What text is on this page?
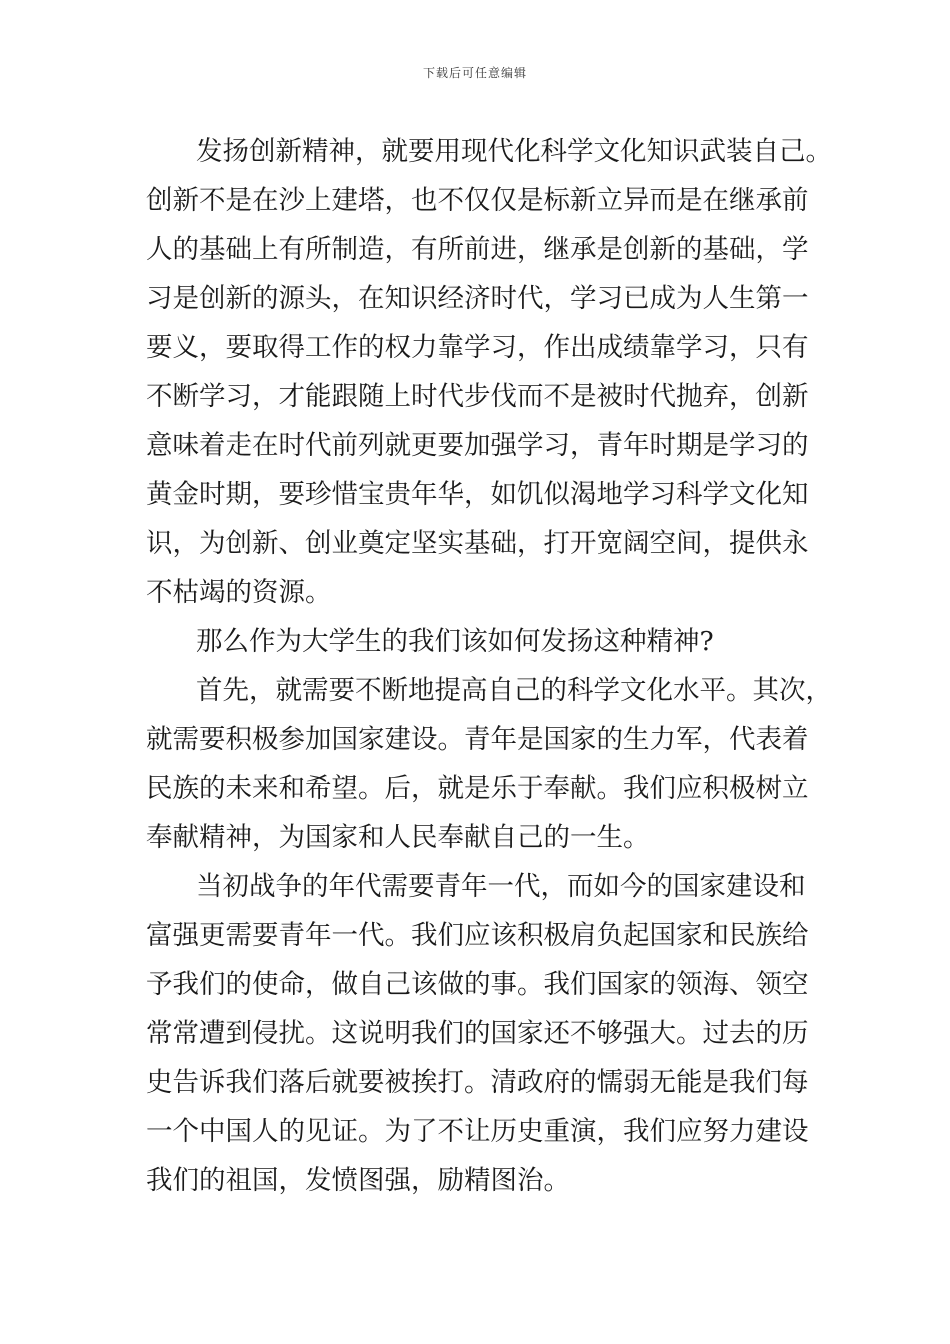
下载后可任意编辑
发扬创新精神，就要用现代化科学文化知识武装自己。
创新不是在沙上建塔，也不仅仅是标新立异而是在继承前
人的基础上有所制造，有所前进，继承是创新的基础，学
习是创新的源头，在知识经济时代，学习已成为人生第一
要义，要取得工作的权力靠学习，作出成绩靠学习，只有
不断学习，才能跟随上时代步伐而不是被时代抛弃，创新
意味着走在时代前列就更要加强学习，青年时期是学习的
黄金时期，要珍惜宝贵年华，如饥似渴地学习科学文化知
识，为创新、创业奠定坚实基础，打开宽阔空间，提供永
不枯竭的资源。
那么作为大学生的我们该如何发扬这种精神?
首先，就需要不断地提高自己的科学文化水平。其次，
就需要积极参加国家建设。青年是国家的生力军，代表着
民族的未来和希望。后，就是乐于奉献。我们应积极树立
奉献精神，为国家和人民奉献自己的一生。
当初战争的年代需要青年一代，而如今的国家建设和
富强更需要青年一代。我们应该积极肩负起国家和民族给
予我们的使命，做自己该做的事。我们国家的领海、领空
常常遭到侵扰。这说明我们的国家还不够强大。过去的历
史告诉我们落后就要被挨打。清政府的懦弱无能是我们每
一个中国人的见证。为了不让历史重演，我们应努力建设
我们的祖国，发愤图强，励精图治。
